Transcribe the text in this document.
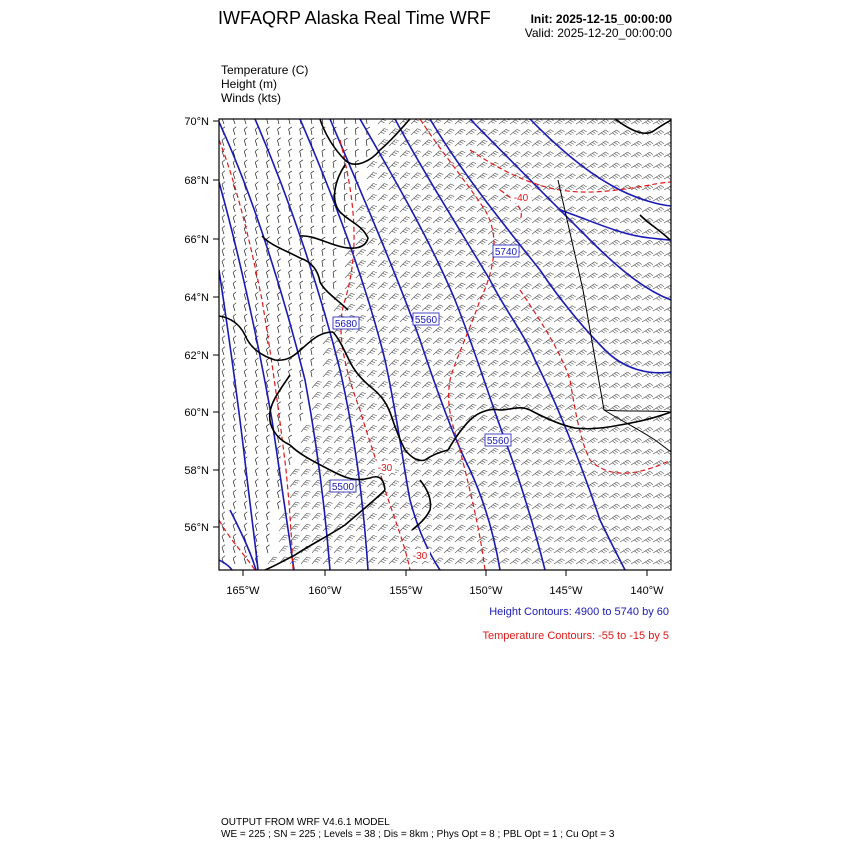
IWFAQRP Alaska Real Time WRF	Init: 2025-12-15_00:00:00
Valid: 2025-12-20_00:00:00
Temperature (C)
Height (m)
Winds (kts)
5740
5560
5680
5560
5500
-40
-30
-30
70°N
68°N
66°N
64°N
62°N
60°N
58°N
56°N
165°W	160°W	155°W	150°W	145°W	140°W
Height Contours: 4900 to 5740 by 60
Temperature Contours: -55 to -15 by 5
OUTPUT FROM WRF V4.6.1 MODEL
WE = 225 ; SN = 225 ; Levels = 38 ; Dis = 8km ; Phys Opt = 8 ; PBL Opt = 1 ; Cu Opt = 3
